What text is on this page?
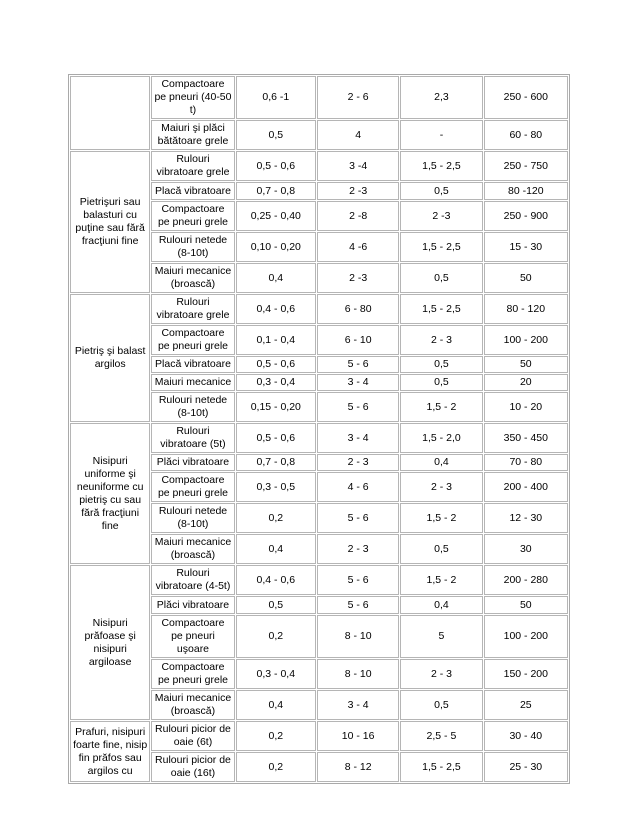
	Compactoare pe pneuri (40-50 t)	0,6 -1	2 - 6	2,3	250 - 600
	Maiuri şi plăci bătătoare grele	0,5	4	-	60 - 80
Pietrişuri sau balasturi cu puţine sau fără fracţiuni fine	Rulouri vibratoare grele	0,5 - 0,6	3 -4	1,5 - 2,5	250 - 750
	Placă vibratoare	0,7 - 0,8	2 -3	0,5	80 -120
	Compactoare pe pneuri grele	0,25 - 0,40	2 -8	2 -3	250 - 900
	Rulouri netede (8-10t)	0,10 - 0,20	4 -6	1,5 - 2,5	15 - 30
	Maiuri mecanice (broască)	0,4	2 -3	0,5	50
Pietriş şi balast argilos	Rulouri vibratoare grele	0,4 - 0,6	6 - 80	1,5 - 2,5	80 - 120
	Compactoare pe pneuri grele	0,1 - 0,4	6 - 10	2 - 3	100 - 200
	Placă vibratoare	0,5 - 0,6	5 - 6	0,5	50
	Maiuri mecanice	0,3 - 0,4	3 - 4	0,5	20
	Rulouri netede (8-10t)	0,15 - 0,20	5 - 6	1,5 - 2	10 - 20
Nisipuri uniforme şi neuniforme cu pietriş cu sau fără fracţiuni fine	Rulouri vibratoare (5t)	0,5 - 0,6	3 - 4	1,5 - 2,0	350 - 450
	Plăci vibratoare	0,7 - 0,8	2 - 3	0,4	70 - 80
	Compactoare pe pneuri grele	0,3 - 0,5	4 - 6	2 - 3	200 - 400
	Rulouri netede (8-10t)	0,2	5 - 6	1,5 - 2	12 - 30
	Maiuri mecanice (broască)	0,4	2 - 3	0,5	30
Nisipuri prăfoase şi nisipuri argiloase	Rulouri vibratoare (4-5t)	0,4 - 0,6	5 - 6	1,5 - 2	200 - 280
	Plăci vibratoare	0,5	5 - 6	0,4	50
	Compactoare pe pneuri uşoare	0,2	8 - 10	5	100 - 200
	Compactoare pe pneuri grele	0,3 - 0,4	8 - 10	2 - 3	150 - 200
	Maiuri mecanice (broască)	0,4	3 - 4	0,5	25
Prafuri, nisipuri foarte fine, nisip fin prăfos sau argilos cu	Rulouri picior de oaie (6t)	0,2	10 - 16	2,5 - 5	30 - 40
	Rulouri picior de oaie (16t)	0,2	8 - 12	1,5 - 2,5	25 - 30
